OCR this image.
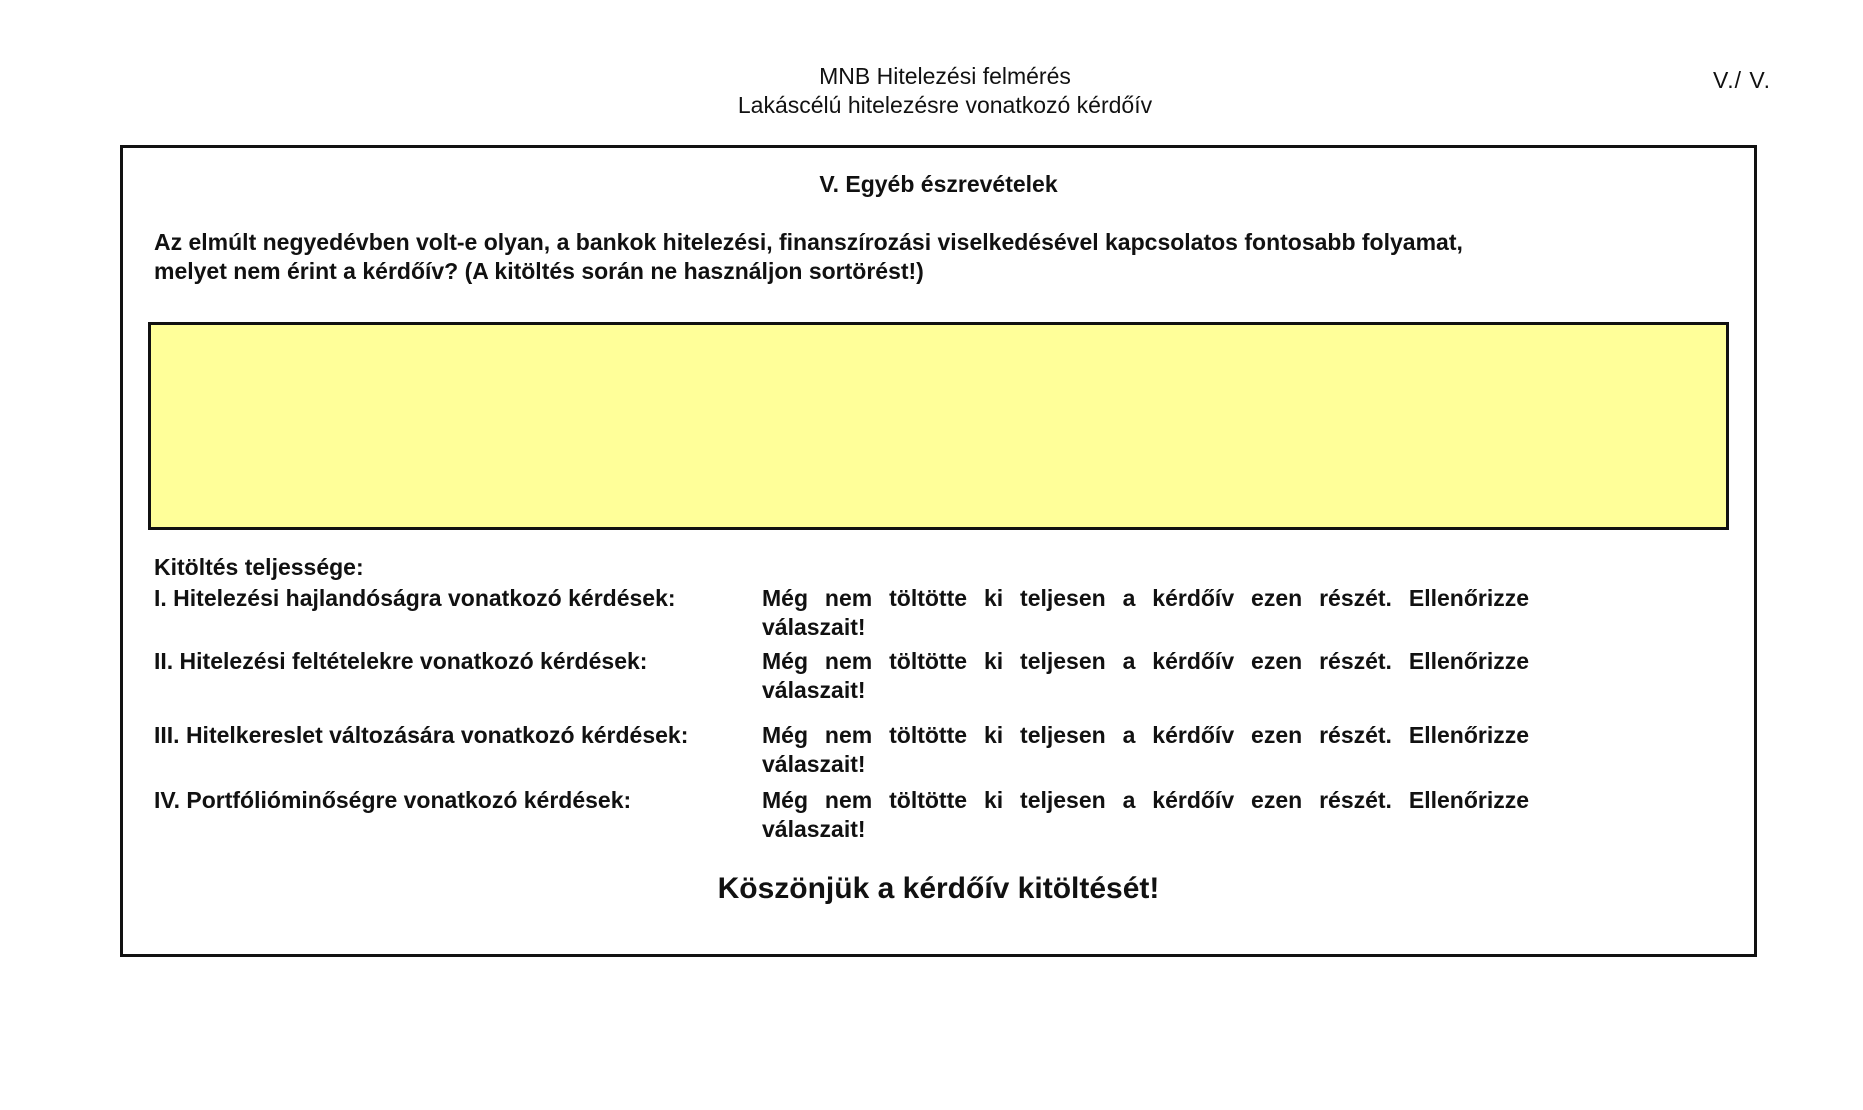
MNB Hitelezési felmérés
Lakáscélú hitelezésre vonatkozó kérdőív
V./ V.
V. Egyéb észrevételek
Az elmúlt negyedévben volt-e olyan, a bankok hitelezési, finanszírozási viselkedésével kapcsolatos fontosabb folyamat,
melyet nem érint a kérdőív? (A kitöltés során ne használjon sortörést!)
Kitöltés teljessége:
I. Hitelezési hajlandóságra vonatkozó kérdések:	Még nem töltötte ki teljesen a kérdőív ezen részét. Ellenőrizze válaszait!
II. Hitelezési feltételekre vonatkozó kérdések:	Még nem töltötte ki teljesen a kérdőív ezen részét. Ellenőrizze válaszait!
III. Hitelkereslet változására vonatkozó kérdések:	Még nem töltötte ki teljesen a kérdőív ezen részét. Ellenőrizze válaszait!
IV. Portfólióminőségre vonatkozó kérdések:	Még nem töltötte ki teljesen a kérdőív ezen részét. Ellenőrizze válaszait!
Köszönjük a kérdőív kitöltését!
